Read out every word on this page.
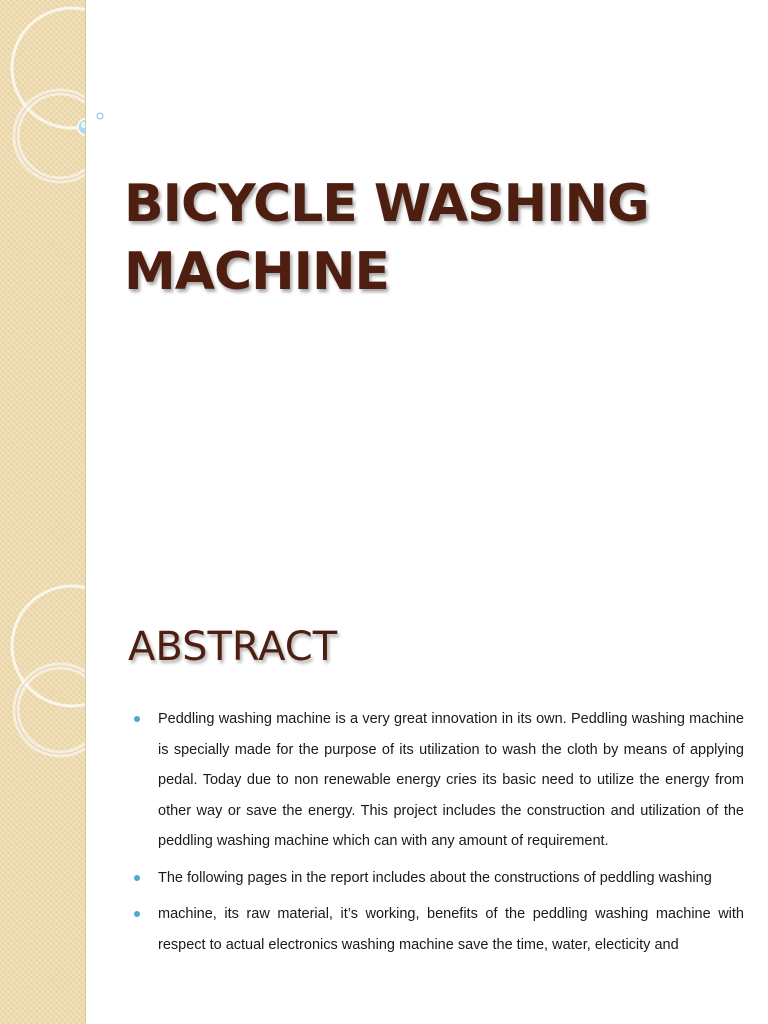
BICYCLE WASHING MACHINE
ABSTRACT
Peddling washing machine is a very great innovation in its own. Peddling washing machine is specially made for the purpose of its utilization to wash the cloth by means of applying pedal. Today due to non renewable energy cries its basic need to utilize the energy from other way or save the energy. This project includes the construction and utilization of the peddling washing machine which can with any amount of requirement.
The following pages in the report includes about the constructions of peddling washing
machine, its raw material, it’s working, benefits of the peddling washing machine with respect to actual electronics washing machine save the time, water, electicity and
